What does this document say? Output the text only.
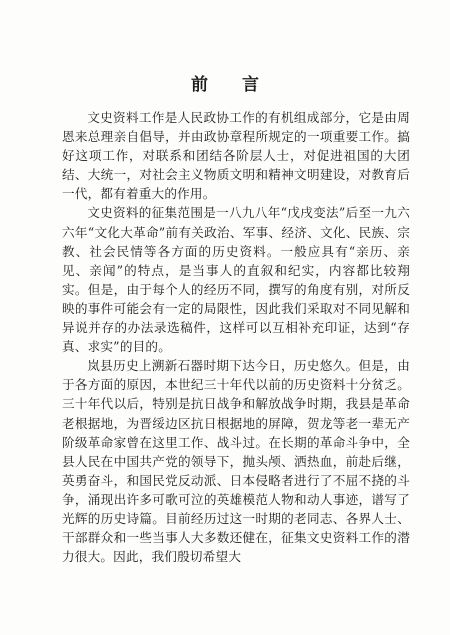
前 言

文史资料工作是人民政协工作的有机组成部分，它是由周恩来总理亲自倡导，并由政协章程所规定的一项重要工作。搞好这项工作，对联系和团结各阶层人士，对促进祖国的大团结、大统一，对社会主义物质文明和精神文明建设，对教育后一代，都有着重大的作用。

文史资料的征集范围是一八九八年“戊戌变法”后至一九六六年“文化大革命”前有关政治、军事、经济、文化、民族、宗教、社会民情等各方面的历史资料。一般应具有“亲历、亲见、亲闻”的特点，是当事人的直叙和纪实，内容都比较翔实。但是，由于每个人的经历不同，撰写的角度有别，对所反映的事件可能会有一定的局限性，因此我们采取对不同见解和异说并存的办法录选稿件，这样可以互相补充印证，达到“存真、求实”的目的。

岚县历史上溯新石器时期下达今日，历史悠久。但是，由于各方面的原因，本世纪三十年代以前的历史资料十分贫乏。三十年代以后，特别是抗日战争和解放战争时期，我县是革命老根据地，为晋绥边区抗日根据地的屏障，贺龙等老一辈无产阶级革命家曾在这里工作、战斗过。在长期的革命斗争中，全县人民在中国共产党的领导下，抛头颅、洒热血，前赴后继，英勇奋斗，和国民党反动派、日本侵略者进行了不屈不挠的斗争，涌现出许多可歌可泣的英雄模范人物和动人事迹，谱写了光辉的历史诗篇。目前经历过这一时期的老同志、各界人士、干部群众和一些当事人大多数还健在，征集文史资料工作的潜力很大。因此，我们殷切希望大
